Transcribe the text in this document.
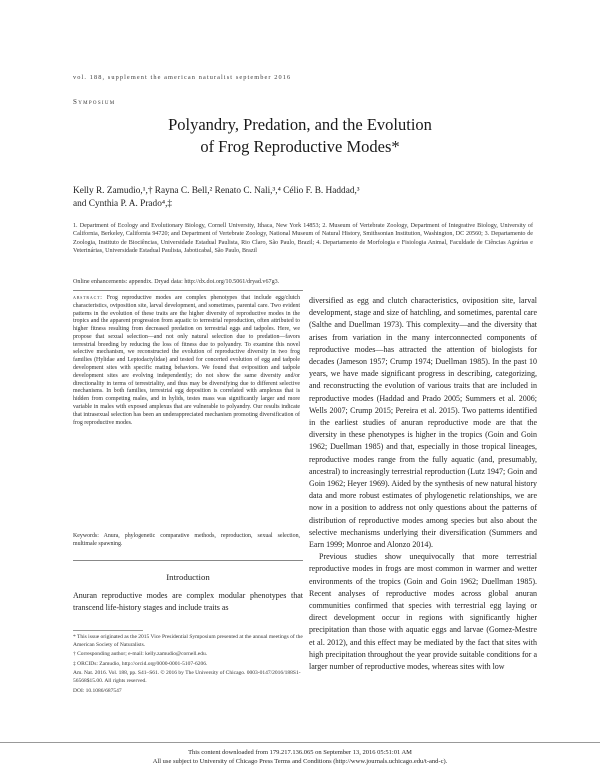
vol. 188, supplement the american naturalist september 2016
Symposium
Polyandry, Predation, and the Evolution
of Frog Reproductive Modes*
Kelly R. Zamudio,¹,† Rayna C. Bell,² Renato C. Nali,³,⁴ Célio F. B. Haddad,³
and Cynthia P. A. Prado⁴,‡
1. Department of Ecology and Evolutionary Biology, Cornell University, Ithaca, New York 14853; 2. Museum of Vertebrate Zoology, Department of Integrative Biology, University of California, Berkeley, California 94720; and Department of Vertebrate Zoology, National Museum of Natural History, Smithsonian Institution, Washington, DC 20560; 3. Departamento de Zoologia, Instituto de Biociências, Universidade Estadual Paulista, Rio Claro, São Paulo, Brazil; 4. Departamento de Morfologia e Fisiologia Animal, Faculdade de Ciências Agrárias e Veterinárias, Universidade Estadual Paulista, Jaboticabal, São Paulo, Brazil
Online enhancements: appendix. Dryad data: http://dx.doi.org/10.5061/dryad.v67g3.
abstract: Frog reproductive modes are complex phenotypes that include egg/clutch characteristics, oviposition site, larval development, and sometimes, parental care. Two evident patterns in the evolution of these traits are the higher diversity of reproductive modes in the tropics and the apparent progression from aquatic to terrestrial reproduction, often attributed to higher fitness resulting from decreased predation on terrestrial eggs and tadpoles. Here, we propose that sexual selection—and not only natural selection due to predation—favors terrestrial breeding by reducing the loss of fitness due to polyandry. To examine this novel selective mechanism, we reconstructed the evolution of reproductive diversity in two frog families (Hylidae and Leptodactylidae) and tested for concerted evolution of egg and tadpole development sites with specific mating behaviors. We found that oviposition and tadpole development sites are evolving independently; do not show the same diversity and/or directionality in terms of terrestriality, and thus may be diversifying due to different selective mechanisms. In both families, terrestrial egg deposition is correlated with amplexus that is hidden from competing males, and in hylids, testes mass was significantly larger and more variable in males with exposed amplexus that are vulnerable to polyandry. Our results indicate that intrasexual selection has been an underappreciated mechanism promoting diversification of frog reproductive modes.
Keywords: Anura, phylogenetic comparative methods, reproduction, sexual selection, multimale spawning.
Introduction
Anuran reproductive modes are complex modular phenotypes that transcend life-history stages and include traits as

* This issue originated as the 2015 Vice Presidential Symposium presented at the annual meetings of the American Society of Naturalists.

† Corresponding author; e-mail: kelly.zamudio@cornell.edu.

‡ ORCIDs: Zamudio, http://orcid.org/0000-0001-5107-6206.

Am. Nat. 2016. Vol. 188, pp. S41–S61. © 2016 by The University of Chicago. 0003-0147/2016/188S1-56568$15.00. All rights reserved.

DOI: 10.1086/687547

diversified as egg and clutch characteristics, oviposition site, larval development, stage and size of hatchling, and sometimes, parental care (Salthe and Duellman 1973). This complexity—and the diversity that arises from variation in the many interconnected components of reproductive modes—has attracted the attention of biologists for decades (Jameson 1957; Crump 1974; Duellman 1985). In the past 10 years, we have made significant progress in describing, categorizing, and reconstructing the evolution of various traits that are included in reproductive modes (Haddad and Prado 2005; Summers et al. 2006; Wells 2007; Crump 2015; Pereira et al. 2015). Two patterns identified in the earliest studies of anuran reproductive mode are that the diversity in these phenotypes is higher in the tropics (Goin and Goin 1962; Duellman 1985) and that, especially in those tropical lineages, reproductive modes range from the fully aquatic (and, presumably, ancestral) to increasingly terrestrial reproduction (Lutz 1947; Goin and Goin 1962; Heyer 1969). Aided by the synthesis of new natural history data and more robust estimates of phylogenetic relationships, we are now in a position to address not only questions about the patterns of distribution of reproductive modes among species but also about the selective mechanisms underlying their diversification (Summers and Earn 1999; Monroe and Alonzo 2014).

Previous studies show unequivocally that more terrestrial reproductive modes in frogs are most common in warmer and wetter environments of the tropics (Goin and Goin 1962; Duellman 1985). Recent analyses of reproductive modes across global anuran communities confirmed that species with terrestrial egg laying or direct development occur in regions with significantly higher precipitation than those with aquatic eggs and larvae (Gomez-Mestre et al. 2012), and this effect may be mediated by the fact that sites with high precipitation throughout the year provide suitable conditions for a larger number of reproductive modes, whereas sites with low

This content downloaded from 179.217.136.065 on September 13, 2016 05:51:01 AM
All use subject to University of Chicago Press Terms and Conditions (http://www.journals.uchicago.edu/t-and-c).
